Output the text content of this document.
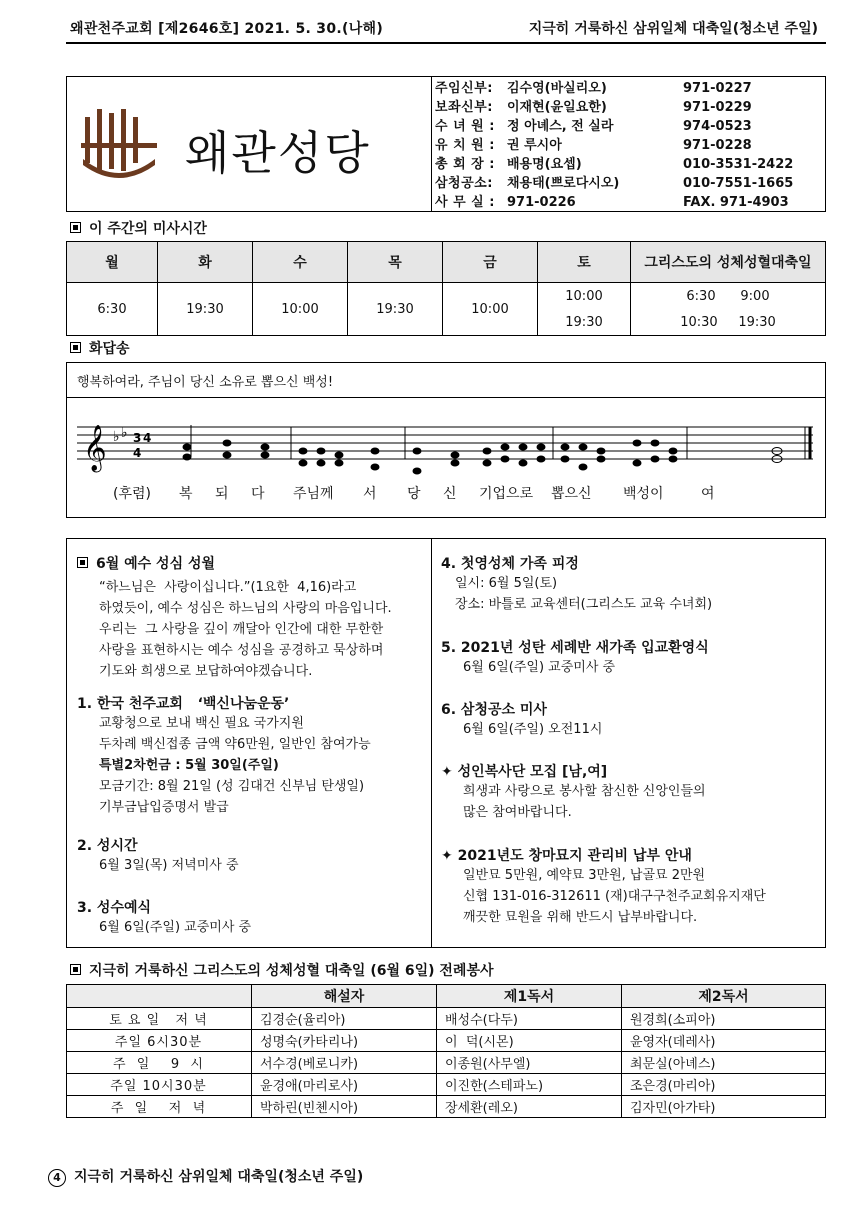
왜관천주교회 [제2646호] 2021. 5. 30.(나해)	지극히 거룩하신 삼위일체 대축일(청소년 주일)
왜관성당
주임신부:	김수영(바실리오)	971-0227
보좌신부:	이재현(윤일요한)	971-0229
수 녀 원 : 정 아녜스, 전 실라	974-0523
유 치 원 : 권 루시아	971-0228
총 회 장 : 배용명(요셉)	010-3531-2422
삼청공소:	채용태(쁘로다시오)	010-7551-1665
사 무 실 : 971-0226	FAX. 971-4903
이 주간의 미사시간
월	화	수	목	금	토	그리스도의 성체성혈대축일
6:30	19:30	10:00	19:30	10:00	10:00	6:30      9:00
					19:30	10:30     19:30
화답송
행복하여라, 주님이 당신 소유로 뽑으신 백성!
𝄞 ♭ ♭ 3 4
4
(후렴) 복 되 다 주님께 서 당 신 기업으로 뽑으신 백성이	여
6월 예수 성심 성월
“하느님은  사랑이십니다.”(1요한  4,16)라고
하였듯이, 예수 성심은 하느님의 사랑의 마음입니다.
우리는  그 사랑을 깊이 깨달아 인간에 대한 무한한
사랑을 표현하시는 예수 성심을 공경하고 묵상하며
기도와 희생으로 보답하여야겠습니다.
1. 한국 천주교회   ‘백신나눔운동’
교황청으로 보내 백신 필요 국가지원
두차례 백신접종 금액 약6만원, 일반인 참여가능
특별2차헌금 : 5월 30일(주일)
모금기간: 8월 21일 (성 김대건 신부님 탄생일)
기부금납입증명서 발급
2. 성시간
6월 3일(목) 저녁미사 중
3. 성수예식
6월 6일(주일) 교중미사 중
4. 첫영성체 가족 피정
일시: 6월 5일(토)
장소: 바틀로 교육센터(그리스도 교육 수녀회)
5. 2021년 성탄 세례반 새가족 입교환영식
6월 6일(주일) 교중미사 중
6. 삼청공소 미사
6월 6일(주일) 오전11시
✦ 성인복사단 모집 [남,여]
희생과 사랑으로 봉사할 참신한 신앙인들의
많은 참여바랍니다.
✦ 2021년도 창마묘지 관리비 납부 안내
일반묘 5만원, 예약묘 3만원, 납골묘 2만원
신협 131-016-312611 (재)대구구천주교회유지재단
깨끗한 묘원을 위해 반드시 납부바랍니다.
지극히 거룩하신 그리스도의 성체성혈 대축일 (6월 6일) 전례봉사
	해설자	제1독서	제2독서
토 요 일   저 녁	김경순(율리아)	배성수(다두)	원경희(소피아)
주일 6시30분	성명숙(카타리나)	이  덕(시몬)	윤영자(데레사)
주  일    9  시	서수경(베로니카)	이종원(사무엘)	최문실(아녜스)
주일 10시30분	윤경애(마리로사)	이진한(스테파노)	조은경(마리아)
주  일    저  녁	박하린(빈첸시아)	장세환(레오)	김자민(아가타)
4 지극히 거룩하신 삼위일체 대축일(청소년 주일)
